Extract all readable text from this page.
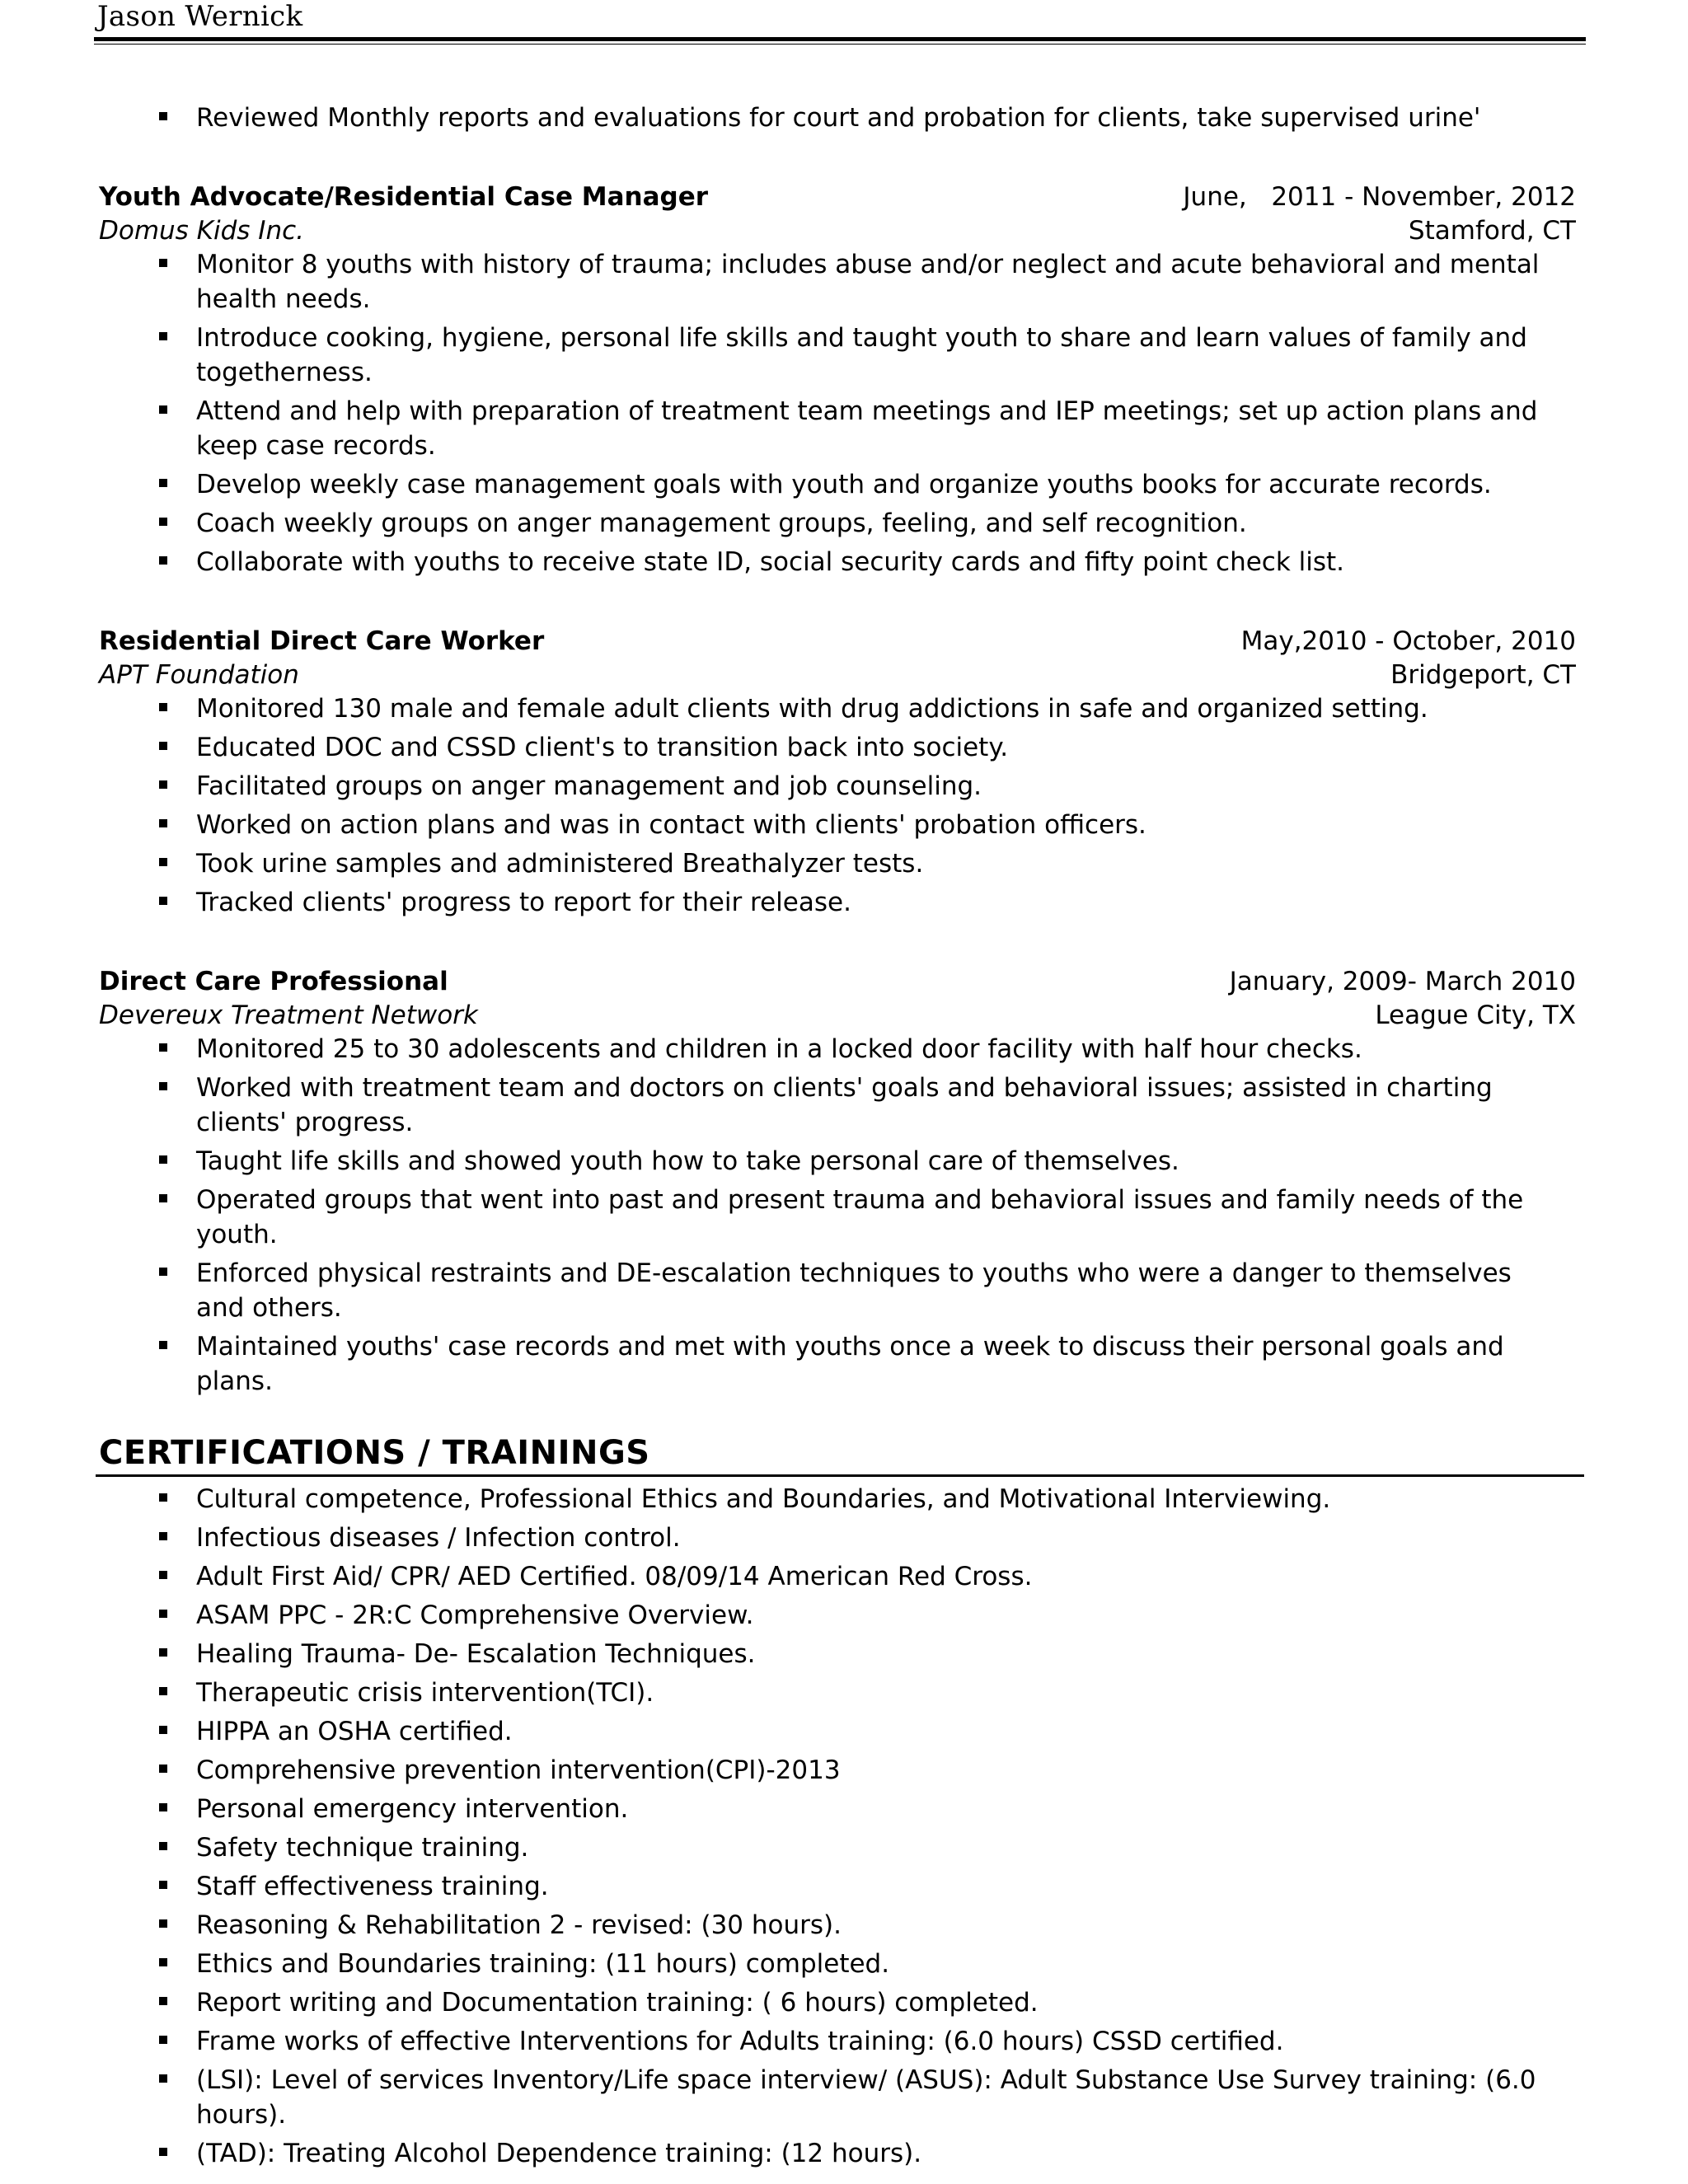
Jason Wernick
Reviewed Monthly reports and evaluations for court and probation for clients, take supervised urine'
Youth Advocate/Residential Case Manager	June,   2011 - November, 2012
Domus Kids Inc.	Stamford, CT
Monitor 8 youths with history of trauma; includes abuse and/or neglect and acute behavioral and mental health needs.
Introduce cooking, hygiene, personal life skills and taught youth to share and learn values of family and togetherness.
Attend and help with preparation of treatment team meetings and IEP meetings; set up action plans and keep case records.
Develop weekly case management goals with youth and organize youths books for accurate records.
Coach weekly groups on anger management groups, feeling, and self recognition.
Collaborate with youths to receive state ID, social security cards and fifty point check list.
Residential Direct Care Worker	May,2010 - October, 2010
APT Foundation	Bridgeport, CT
Monitored 130 male and female adult clients with drug addictions in safe and organized setting.
Educated DOC and CSSD client's to transition back into society.
Facilitated groups on anger management and job counseling.
Worked on action plans and was in contact with clients' probation officers.
Took urine samples and administered Breathalyzer tests.
Tracked clients' progress to report for their release.
Direct Care Professional	January, 2009- March 2010
Devereux Treatment Network	League City, TX
Monitored 25 to 30 adolescents and children in a locked door facility with half hour checks.
Worked with treatment team and doctors on clients' goals and behavioral issues; assisted in charting clients' progress.
Taught life skills and showed youth how to take personal care of themselves.
Operated groups that went into past and present trauma and behavioral issues and family needs of the youth.
Enforced physical restraints and DE-escalation techniques to youths who were a danger to themselves and others.
Maintained youths' case records and met with youths once a week to discuss their personal goals and plans.
CERTIFICATIONS / TRAININGS
Cultural competence, Professional Ethics and Boundaries, and Motivational Interviewing.
Infectious diseases / Infection control.
Adult First Aid/ CPR/ AED Certified. 08/09/14 American Red Cross.
ASAM PPC - 2R:C Comprehensive Overview.
Healing Trauma- De- Escalation Techniques.
Therapeutic crisis intervention(TCI).
HIPPA an OSHA certified.
Comprehensive prevention intervention(CPI)-2013
Personal emergency intervention.
Safety technique training.
Staff effectiveness training.
Reasoning & Rehabilitation 2 - revised: (30 hours).
Ethics and Boundaries training: (11 hours) completed.
Report writing and Documentation training: ( 6 hours) completed.
Frame works of effective Interventions for Adults training: (6.0 hours) CSSD certified.
(LSI): Level of services Inventory/Life space interview/ (ASUS): Adult Substance Use Survey training: (6.0 hours).
(TAD): Treating Alcohol Dependence training: (12 hours).
